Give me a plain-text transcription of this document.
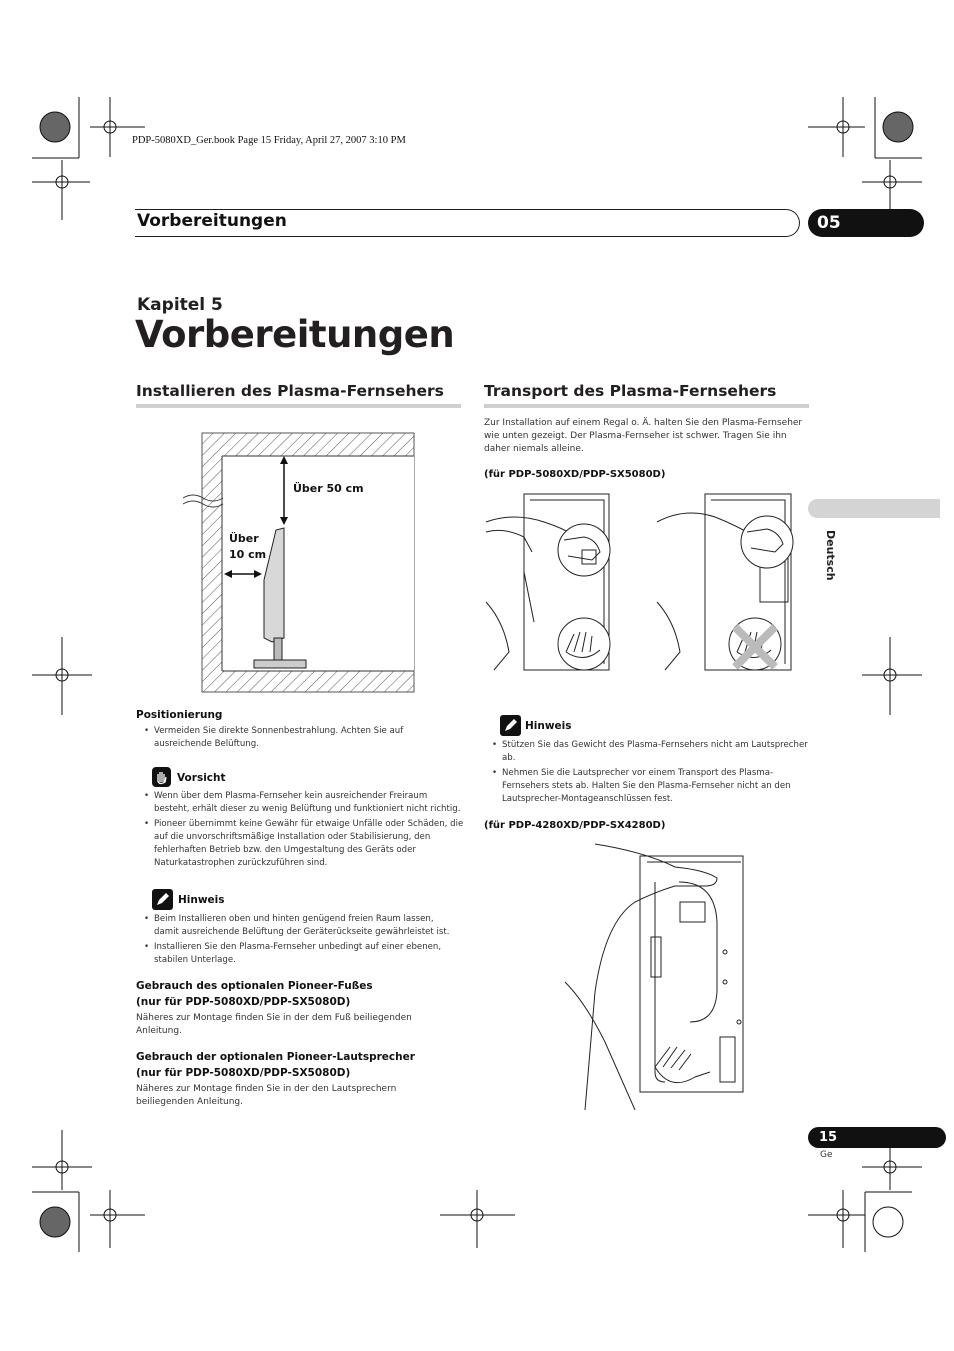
PDP-5080XD_Ger.book Page 15 Friday, April 27, 2007 3:10 PM
Vorbereitungen	05
Kapitel 5
Vorbereitungen
Installieren des Plasma-Fernsehers
Über 50 cm
Über
10 cm
Positionierung
• Vermeiden Sie direkte Sonnenbestrahlung. Achten Sie auf ausreichende Belüftung.
Vorsicht
• Wenn über dem Plasma-Fernseher kein ausreichender Freiraum besteht, erhält dieser zu wenig Belüftung und funktioniert nicht richtig.
• Pioneer übernimmt keine Gewähr für etwaige Unfälle oder Schäden, die auf die unvorschriftsmäßige Installation oder Stabilisierung, den fehlerhaften Betrieb bzw. den Umgestaltung des Geräts oder Naturkatastrophen zurückzuführen sind.
Hinweis
• Beim Installieren oben und hinten genügend freien Raum lassen, damit ausreichende Belüftung der Geräterückseite gewährleistet ist.
• Installieren Sie den Plasma-Fernseher unbedingt auf einer ebenen, stabilen Unterlage.
Gebrauch des optionalen Pioneer-Fußes
(nur für PDP-5080XD/PDP-SX5080D)
Näheres zur Montage finden Sie in der dem Fuß beiliegenden Anleitung.
Gebrauch der optionalen Pioneer-Lautsprecher
(nur für PDP-5080XD/PDP-SX5080D)
Näheres zur Montage finden Sie in der den Lautsprechern beiliegenden Anleitung.
Transport des Plasma-Fernsehers
Zur Installation auf einem Regal o. Ä. halten Sie den Plasma-Fernseher wie unten gezeigt. Der Plasma-Fernseher ist schwer. Tragen Sie ihn daher niemals alleine.
(für PDP-5080XD/PDP-SX5080D)
Hinweis
• Stützen Sie das Gewicht des Plasma-Fernsehers nicht am Lautsprecher ab.
• Nehmen Sie die Lautsprecher vor einem Transport des Plasma-Fernsehers stets ab. Halten Sie den Plasma-Fernseher nicht an den Lautsprecher-Montageanschlüssen fest.
(für PDP-4280XD/PDP-SX4280D)
Deutsch
15
Ge
